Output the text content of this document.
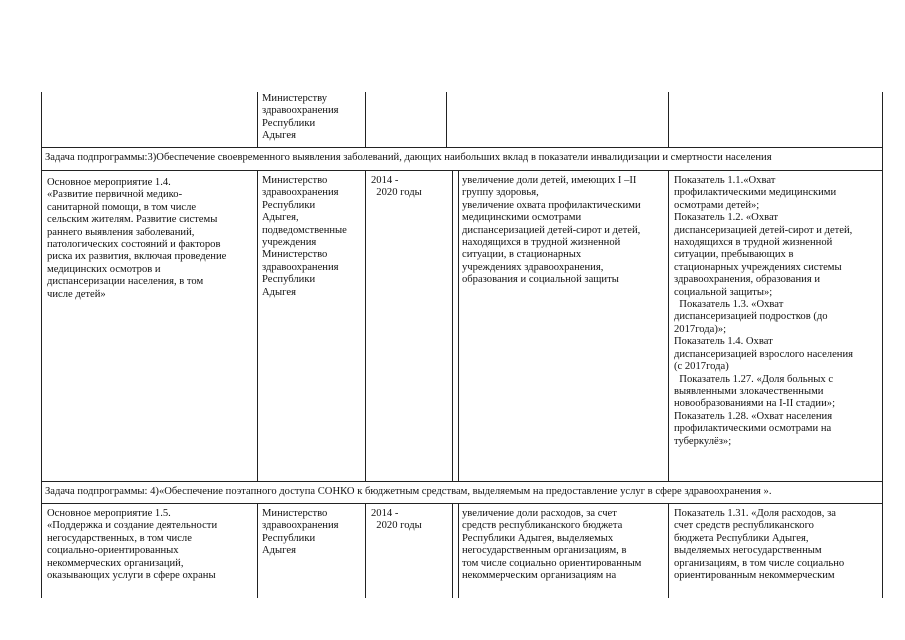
Министерству
здравоохранения
Республики
Адыгея
Задача подпрограммы:3)Обеспечение своевременного выявления заболеваний, дающих наибольших вклад в показатели инвалидизации и смертности населения
Основное мероприятие 1.4.
«Развитие первичной медико-
санитарной помощи, в том числе
сельским жителям. Развитие системы
раннего выявления заболеваний,
патологических состояний и факторов
риска их развития, включая проведение
медицинских осмотров и
диспансеризации населения, в том
числе детей»
Министерство
здравоохранения
Республики
Адыгея,
подведомственные
учреждения
Министерство
здравоохранения
Республики
Адыгея
2014 -
2020 годы
увеличение доли детей, имеющих I –II
группу здоровья,
увеличение охвата профилактическими
медицинскими осмотрами
диспансеризацией детей-сирот и детей,
находящихся в трудной жизненной
ситуации, в стационарных
учреждениях здравоохранения,
образования и социальной защиты
Показатель 1.1.«Охват
профилактическими медицинскими
осмотрами детей»;
Показатель 1.2. «Охват
диспансеризацией детей-сирот и детей,
находящихся в трудной жизненной
ситуации, пребывающих в
стационарных учреждениях системы
здравоохранения, образования и
социальной защиты»;
Показатель 1.3. «Охват
диспансеризацией подростков (до
2017года)»;
Показатель 1.4. Охват
диспансеризацией взрослого населения
(с 2017года)
Показатель 1.27. «Доля больных с
выявленными злокачественными
новообразованиями на I-II стадии»;
Показатель 1.28. «Охват населения
профилактическими осмотрами на
туберкулёз»;
Задача подпрограммы: 4)«Обеспечение поэтапного доступа СОНКО к бюджетным средствам, выделяемым на предоставление услуг в сфере здравоохранения ».
Основное мероприятие 1.5.
«Поддержка и создание деятельности
негосударственных, в том числе
социально-ориентированных
некоммерческих организаций,
оказывающих услуги в сфере охраны
Министерство
здравоохранения
Республики
Адыгея
2014 -
2020 годы
увеличение доли расходов, за счет
средств республиканского бюджета
Республики Адыгея, выделяемых
негосударственным организациям, в
том числе социально ориентированным
некоммерческим организациям на
Показатель 1.31. «Доля расходов, за
счет средств республиканского
бюджета Республики Адыгея,
выделяемых негосударственным
организациям, в том числе социально
ориентированным некоммерческим
